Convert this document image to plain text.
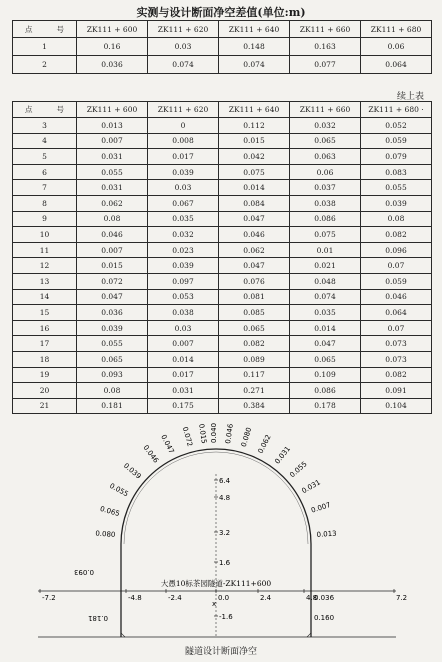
实测与设计断面净空差值(单位:m)
点 号	ZK111 + 600	ZK111 + 620	ZK111 + 640	ZK111 + 660	ZK111 + 680
1	0.16	0.03	0.148	0.163	0.06
2	0.036	0.074	0.074	0.077	0.064
续上表
点 号	ZK111 + 600	ZK111 + 620	ZK111 + 640	ZK111 + 660	ZK111 + 680 ·
3	0.013	0	0.112	0.032	0.052
4	0.007	0.008	0.015	0.065	0.059
5	0.031	0.017	0.042	0.063	0.079
6	0.055	0.039	0.075	0.06	0.083
7	0.031	0.03	0.014	0.037	0.055
8	0.062	0.067	0.084	0.038	0.039
9	0.08	0.035	0.047	0.086	0.08
10	0.046	0.032	0.046	0.075	0.082
11	0.007	0.023	0.062	0.01	0.096
12	0.015	0.039	0.047	0.021	0.07
13	0.072	0.097	0.076	0.048	0.059
14	0.047	0.053	0.081	0.074	0.046
15	0.036	0.038	0.085	0.035	0.064
16	0.039	0.03	0.065	0.014	0.07
17	0.055	0.007	0.082	0.047	0.073
18	0.065	0.014	0.089	0.065	0.073
19	0.093	0.017	0.117	0.109	0.082
20	0.08	0.031	0.271	0.086	0.091
21	0.181	0.175	0.384	0.178	0.104
-7.2	-4.8	-2.4	0.0	2.4	4.8	7.2
6.4
4.8
3.2
1.6
-1.6
x
大愚10标茶园隧道-ZK111+600
0.080
0.065
0.055
0.039
0.046 0.047 0.072 0.015 0.040 0.046 0.080 0.062
0.031
0.055
0.031
0.007
0.013
0.036
0.160
0.181
0.093
隧道设计断面净空
